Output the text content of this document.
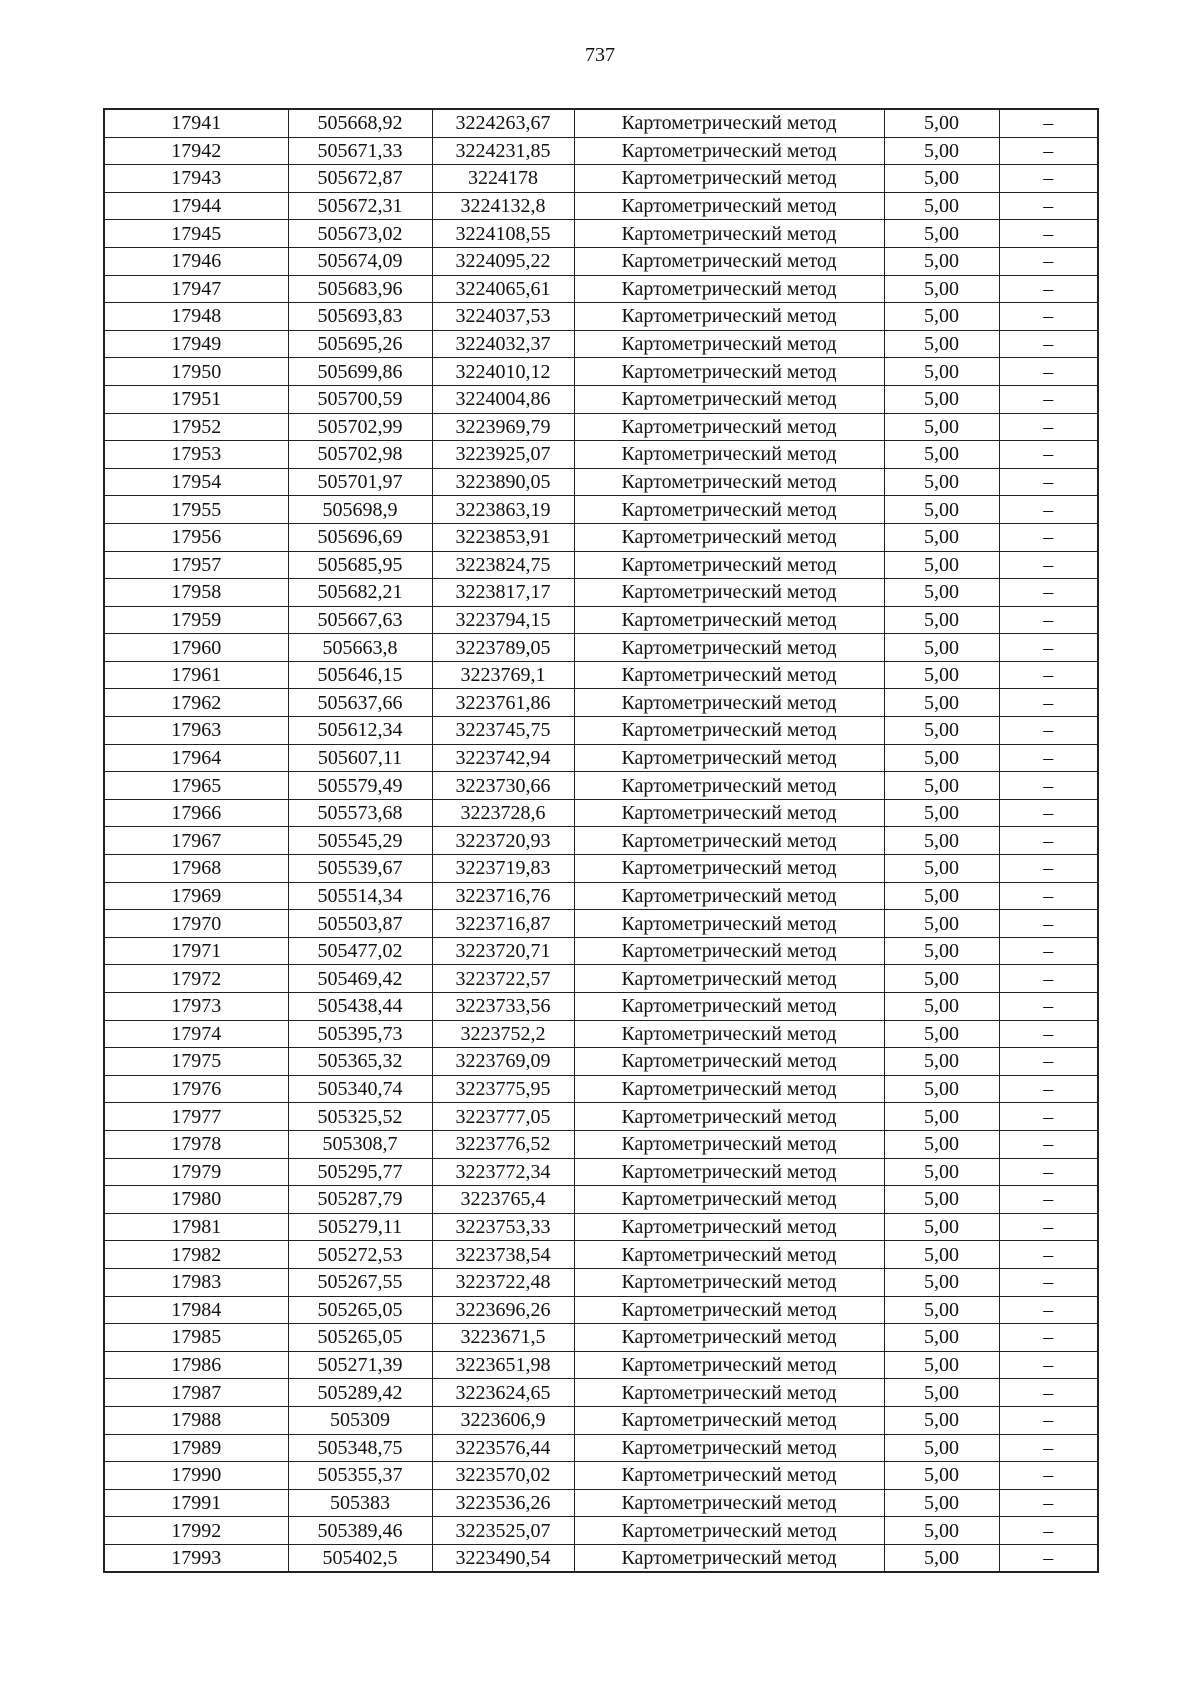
737
17941	505668,92	3224263,67	Картометрический метод	5,00	–
17942	505671,33	3224231,85	Картометрический метод	5,00	–
17943	505672,87	3224178	Картометрический метод	5,00	–
17944	505672,31	3224132,8	Картометрический метод	5,00	–
17945	505673,02	3224108,55	Картометрический метод	5,00	–
17946	505674,09	3224095,22	Картометрический метод	5,00	–
17947	505683,96	3224065,61	Картометрический метод	5,00	–
17948	505693,83	3224037,53	Картометрический метод	5,00	–
17949	505695,26	3224032,37	Картометрический метод	5,00	–
17950	505699,86	3224010,12	Картометрический метод	5,00	–
17951	505700,59	3224004,86	Картометрический метод	5,00	–
17952	505702,99	3223969,79	Картометрический метод	5,00	–
17953	505702,98	3223925,07	Картометрический метод	5,00	–
17954	505701,97	3223890,05	Картометрический метод	5,00	–
17955	505698,9	3223863,19	Картометрический метод	5,00	–
17956	505696,69	3223853,91	Картометрический метод	5,00	–
17957	505685,95	3223824,75	Картометрический метод	5,00	–
17958	505682,21	3223817,17	Картометрический метод	5,00	–
17959	505667,63	3223794,15	Картометрический метод	5,00	–
17960	505663,8	3223789,05	Картометрический метод	5,00	–
17961	505646,15	3223769,1	Картометрический метод	5,00	–
17962	505637,66	3223761,86	Картометрический метод	5,00	–
17963	505612,34	3223745,75	Картометрический метод	5,00	–
17964	505607,11	3223742,94	Картометрический метод	5,00	–
17965	505579,49	3223730,66	Картометрический метод	5,00	–
17966	505573,68	3223728,6	Картометрический метод	5,00	–
17967	505545,29	3223720,93	Картометрический метод	5,00	–
17968	505539,67	3223719,83	Картометрический метод	5,00	–
17969	505514,34	3223716,76	Картометрический метод	5,00	–
17970	505503,87	3223716,87	Картометрический метод	5,00	–
17971	505477,02	3223720,71	Картометрический метод	5,00	–
17972	505469,42	3223722,57	Картометрический метод	5,00	–
17973	505438,44	3223733,56	Картометрический метод	5,00	–
17974	505395,73	3223752,2	Картометрический метод	5,00	–
17975	505365,32	3223769,09	Картометрический метод	5,00	–
17976	505340,74	3223775,95	Картометрический метод	5,00	–
17977	505325,52	3223777,05	Картометрический метод	5,00	–
17978	505308,7	3223776,52	Картометрический метод	5,00	–
17979	505295,77	3223772,34	Картометрический метод	5,00	–
17980	505287,79	3223765,4	Картометрический метод	5,00	–
17981	505279,11	3223753,33	Картометрический метод	5,00	–
17982	505272,53	3223738,54	Картометрический метод	5,00	–
17983	505267,55	3223722,48	Картометрический метод	5,00	–
17984	505265,05	3223696,26	Картометрический метод	5,00	–
17985	505265,05	3223671,5	Картометрический метод	5,00	–
17986	505271,39	3223651,98	Картометрический метод	5,00	–
17987	505289,42	3223624,65	Картометрический метод	5,00	–
17988	505309	3223606,9	Картометрический метод	5,00	–
17989	505348,75	3223576,44	Картометрический метод	5,00	–
17990	505355,37	3223570,02	Картометрический метод	5,00	–
17991	505383	3223536,26	Картометрический метод	5,00	–
17992	505389,46	3223525,07	Картометрический метод	5,00	–
17993	505402,5	3223490,54	Картометрический метод	5,00	–
